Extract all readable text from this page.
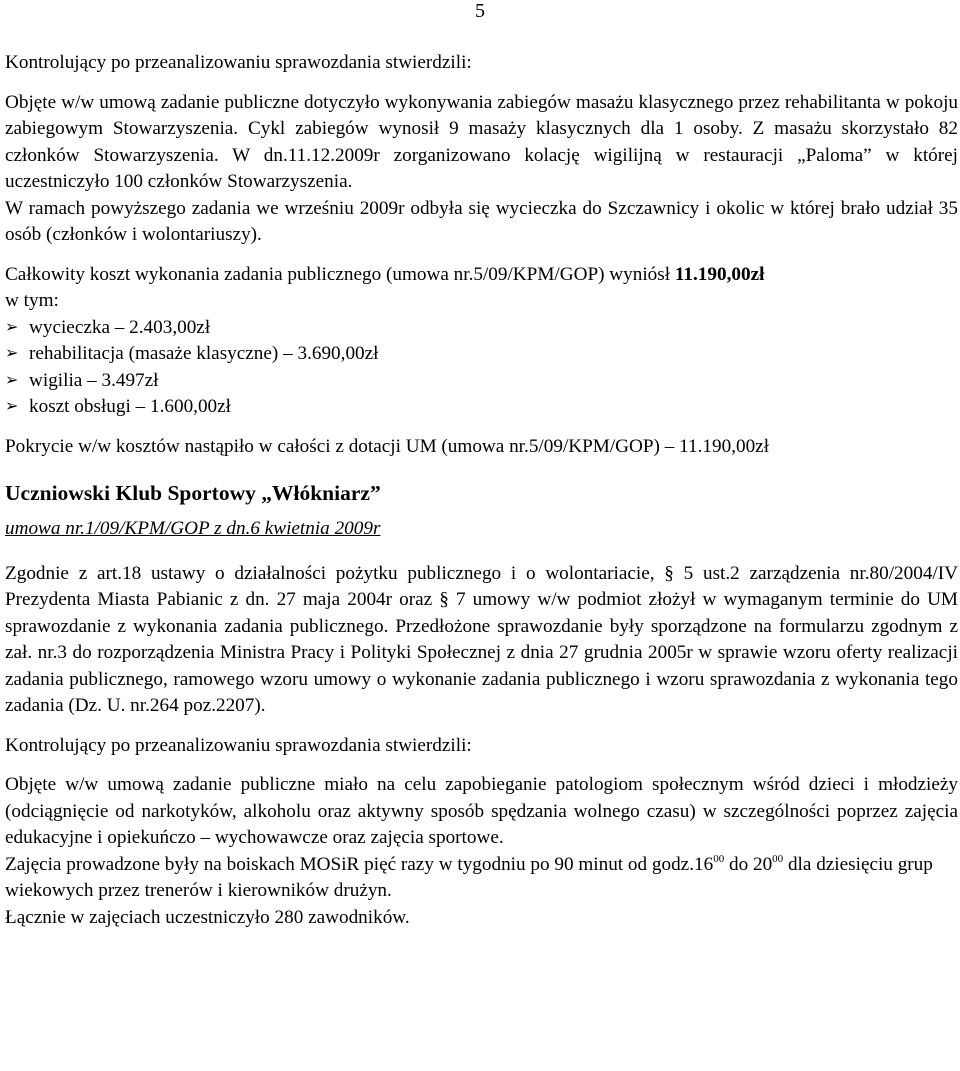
5

Kontrolujący po przeanalizowaniu sprawozdania stwierdzili:

Objęte w/w umową zadanie publiczne dotyczyło wykonywania zabiegów masażu klasycznego przez rehabilitanta w pokoju zabiegowym Stowarzyszenia. Cykl zabiegów wynosił 9 masaży klasycznych dla 1 osoby. Z masażu skorzystało 82 członków Stowarzyszenia. W dn.11.12.2009r zorganizowano kolację wigilijną w restauracji „Paloma” w której uczestniczyło 100 członków Stowarzyszenia.

W ramach powyższego zadania we wrześniu 2009r odbyła się wycieczka do Szczawnicy i okolic w której brało udział 35 osób (członków i wolontariuszy).

Całkowity koszt wykonania zadania publicznego (umowa nr.5/09/KPM/GOP) wyniósł 11.190,00zł

w tym:

➢ wycieczka – 2.403,00zł
➢ rehabilitacja (masaże klasyczne) – 3.690,00zł
➢ wigilia – 3.497zł
➢ koszt obsługi – 1.600,00zł

Pokrycie w/w kosztów nastąpiło w całości z dotacji UM (umowa nr.5/09/KPM/GOP) – 11.190,00zł

Uczniowski Klub Sportowy „Włókniarz”

umowa nr.1/09/KPM/GOP z dn.6 kwietnia 2009r

Zgodnie z art.18 ustawy o działalności pożytku publicznego i o wolontariacie, § 5 ust.2 zarządzenia nr.80/2004/IV Prezydenta Miasta Pabianic z dn. 27 maja 2004r oraz § 7 umowy w/w podmiot złożył w wymaganym terminie do UM sprawozdanie z wykonania zadania publicznego. Przedłożone sprawozdanie były sporządzone na formularzu zgodnym z zał. nr.3 do rozporządzenia Ministra Pracy i Polityki Społecznej z dnia 27 grudnia 2005r w sprawie wzoru oferty realizacji zadania publicznego, ramowego wzoru umowy o wykonanie zadania publicznego i wzoru sprawozdania z wykonania tego zadania (Dz. U. nr.264 poz.2207).

Kontrolujący po przeanalizowaniu sprawozdania stwierdzili:

Objęte w/w umową zadanie publiczne miało na celu zapobieganie patologiom społecznym wśród dzieci i młodzieży (odciągnięcie od narkotyków, alkoholu oraz aktywny sposób spędzania wolnego czasu) w szczególności poprzez zajęcia edukacyjne i opiekuńczo – wychowawcze oraz zajęcia sportowe.

Zajęcia prowadzone były na boiskach MOSiR pięć razy w tygodniu po 90 minut od $godz.16^{00}$ do $20^{00}$ dla dziesięciu grup wiekowych przez trenerów i kierowników drużyn.

Łącznie w zajęciach uczestniczyło 280 zawodników.
